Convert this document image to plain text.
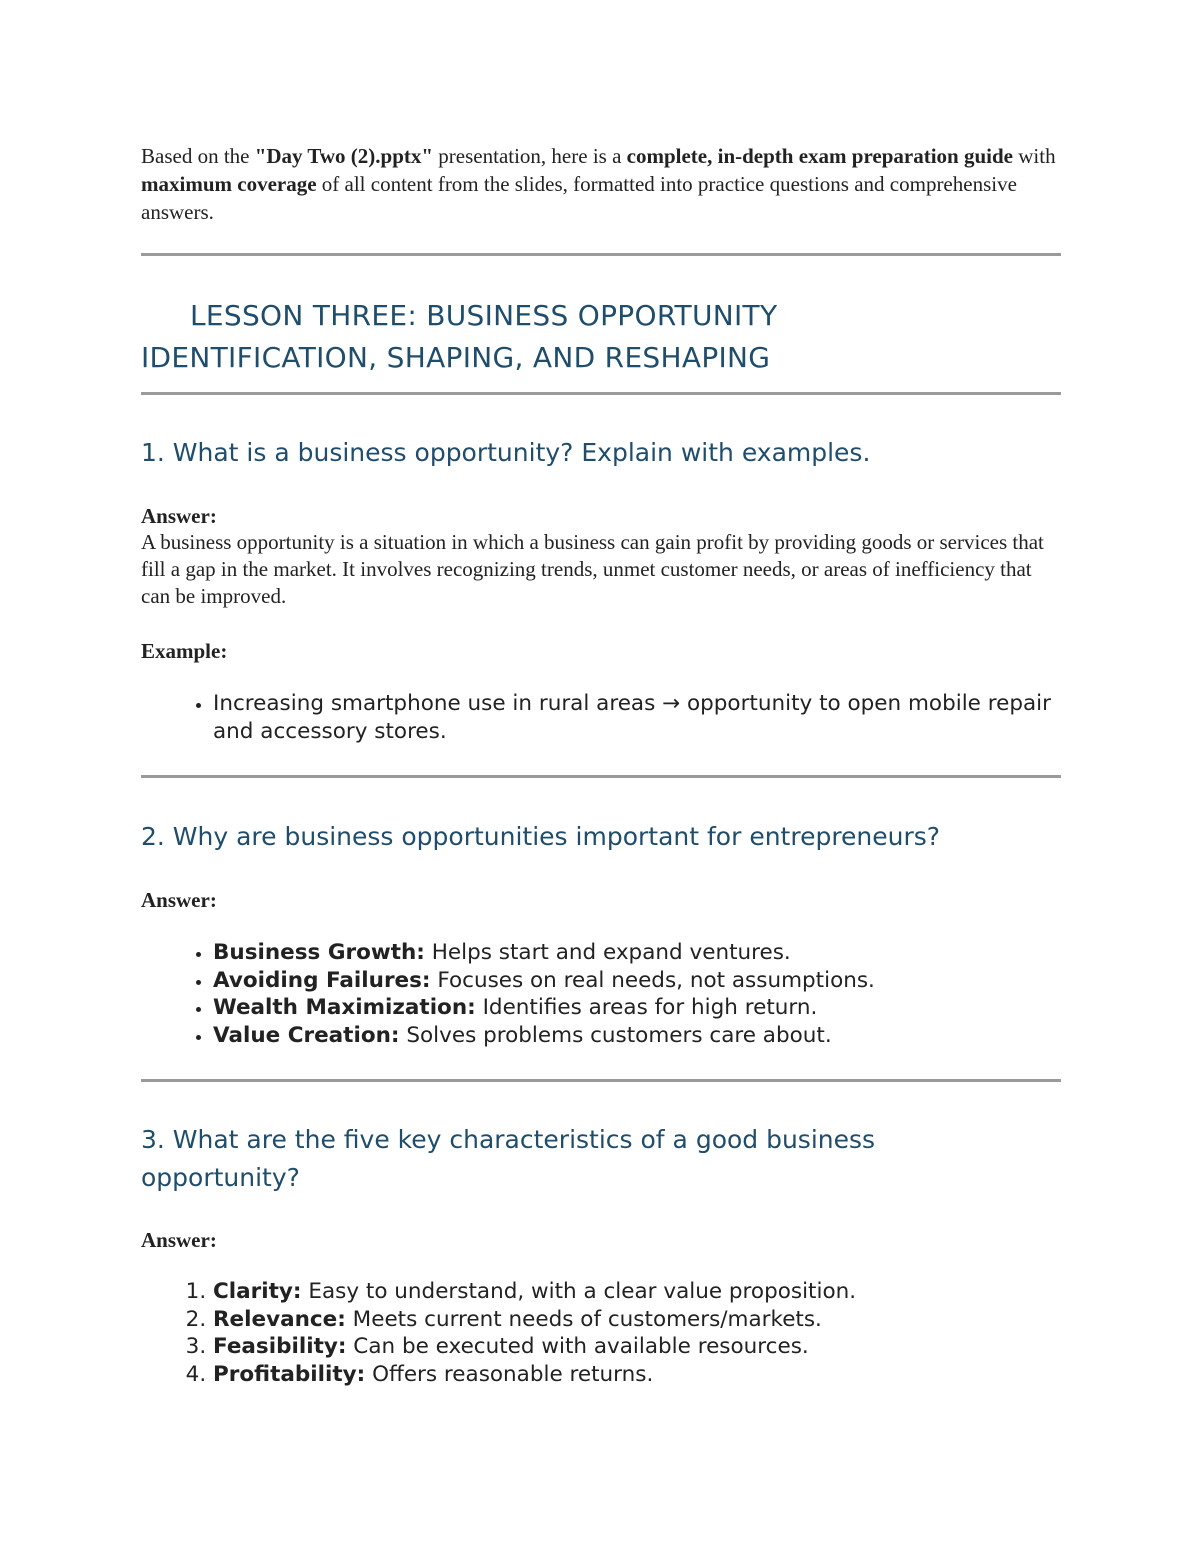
Based on the "Day Two (2).pptx" presentation, here is a complete, in-depth exam preparation guide with maximum coverage of all content from the slides, formatted into practice questions and comprehensive answers.

LESSON THREE: BUSINESS OPPORTUNITY
IDENTIFICATION, SHAPING, AND RESHAPING
1. What is a business opportunity? Explain with examples.

Answer:

A business opportunity is a situation in which a business can gain profit by providing goods or services that fill a gap in the market. It involves recognizing trends, unmet customer needs, or areas of inefficiency that can be improved.

Example:

• Increasing smartphone use in rural areas → opportunity to open mobile repair and accessory stores.
2. Why are business opportunities important for entrepreneurs?

Answer:

• Business Growth: Helps start and expand ventures.
• Avoiding Failures: Focuses on real needs, not assumptions.
• Wealth Maximization: Identifies areas for high return.
• Value Creation: Solves problems customers care about.
3. What are the five key characteristics of a good business
opportunity?

Answer:

1. Clarity: Easy to understand, with a clear value proposition.
2. Relevance: Meets current needs of customers/markets.
3. Feasibility: Can be executed with available resources.
4. Profitability: Offers reasonable returns.
